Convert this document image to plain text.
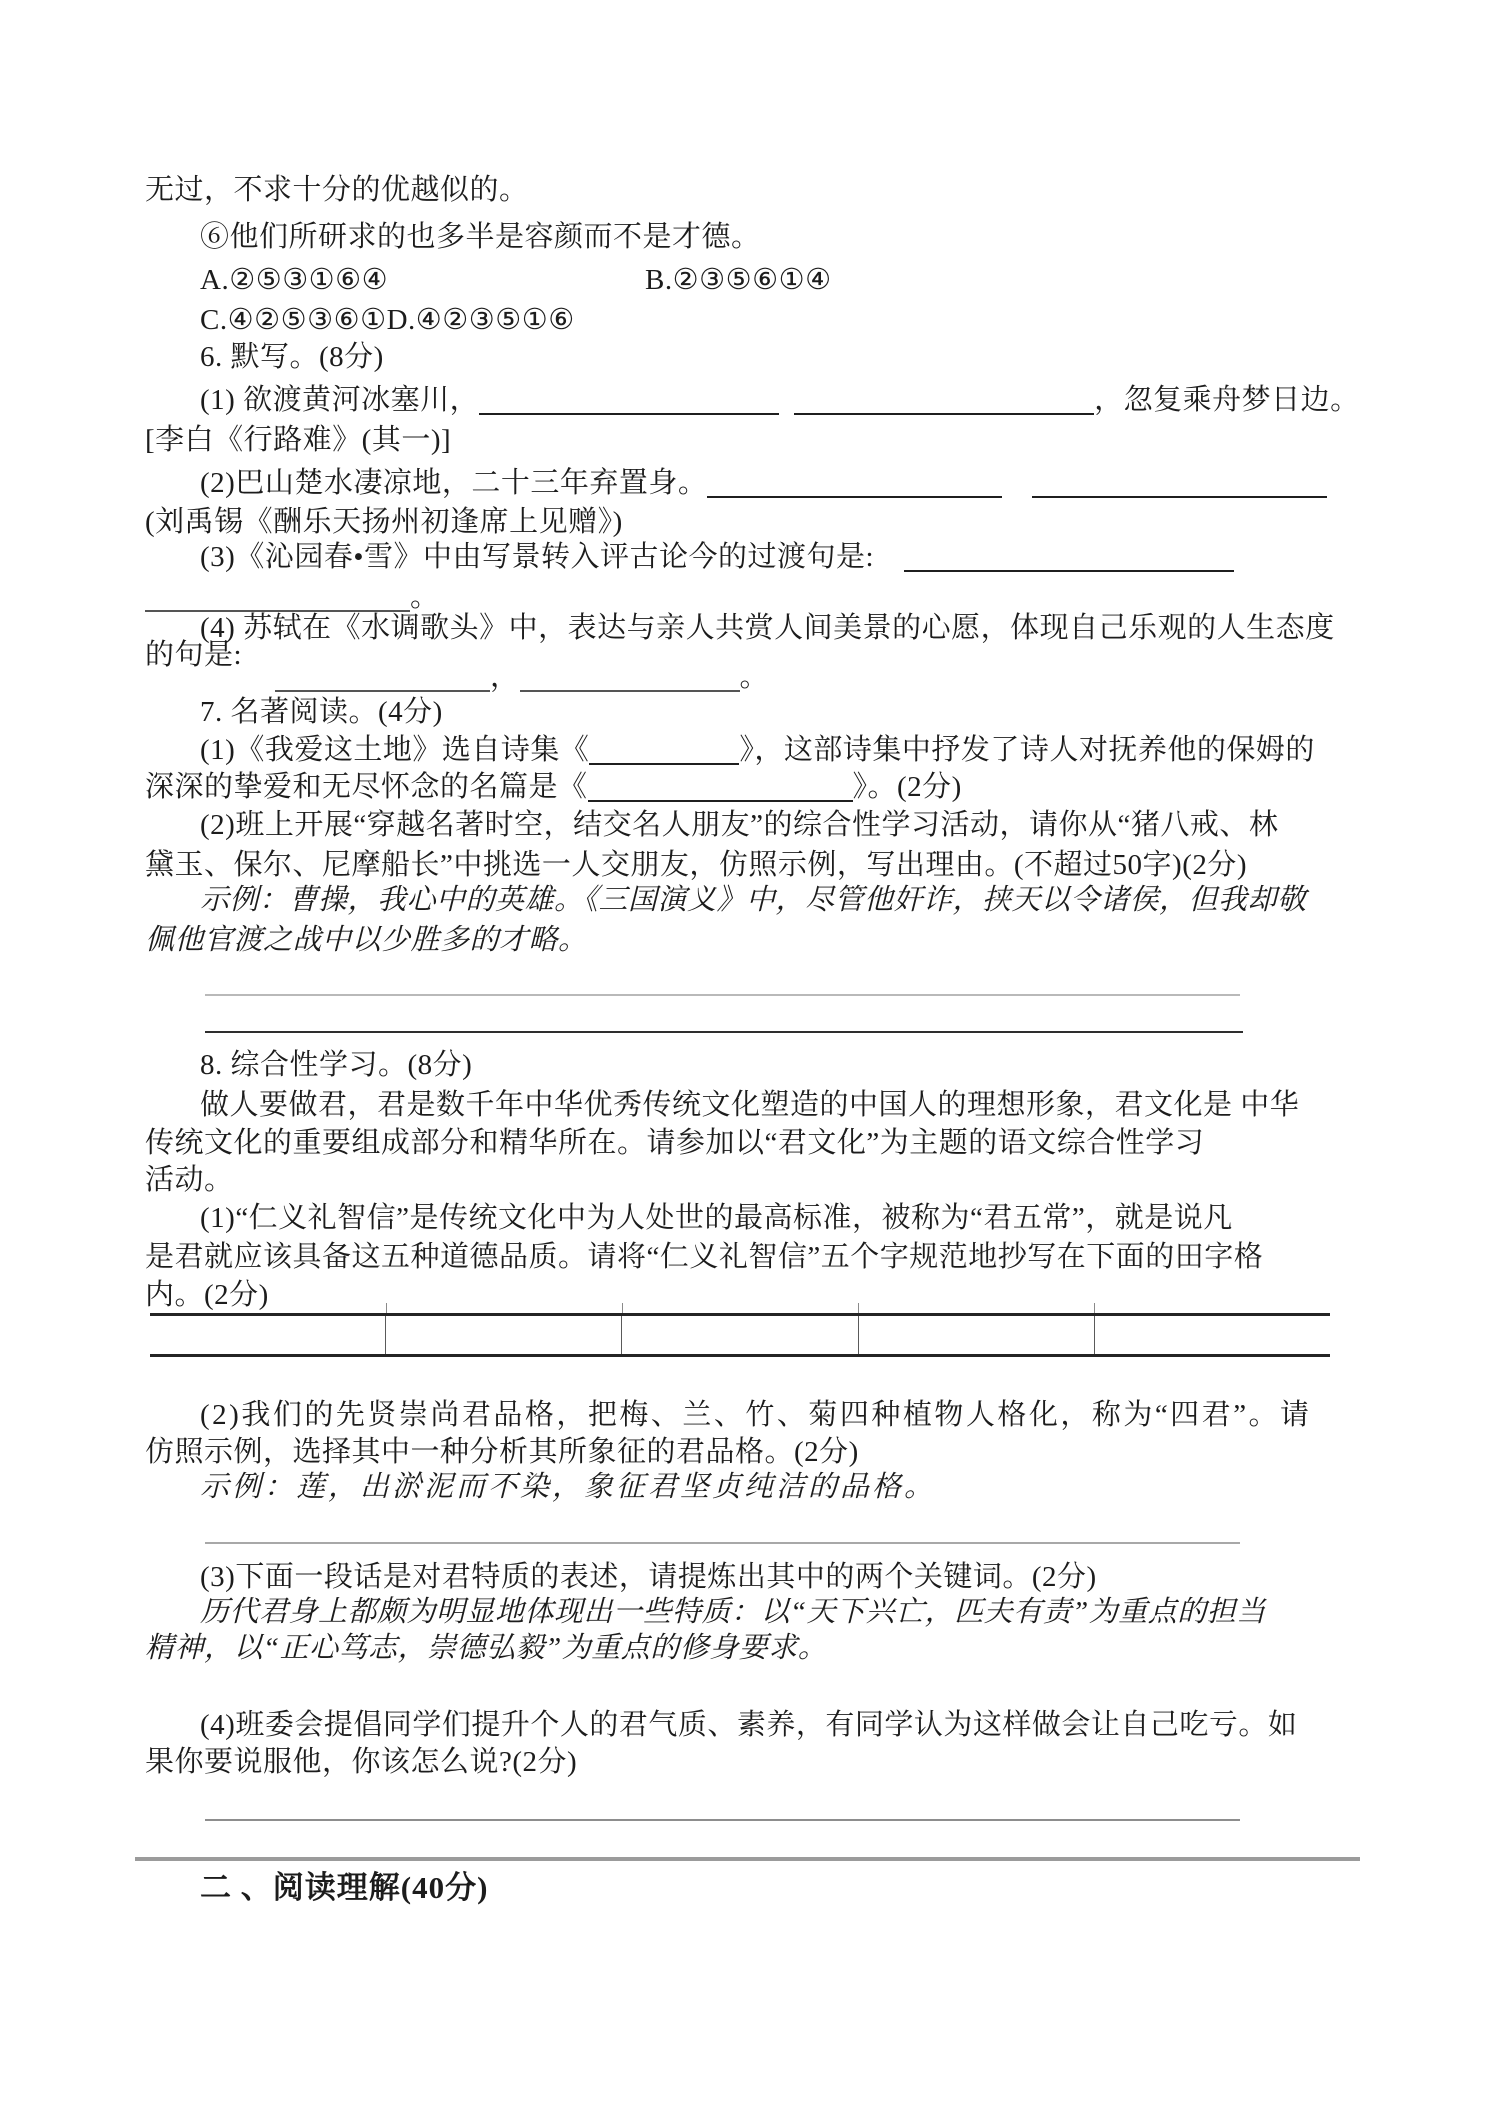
无过，不求十分的优越似的。
⑥他们所研求的也多半是容颜而不是才德。
A.②⑤③①⑥④	B.②③⑤⑥①④
C.④②⑤③⑥①D.④②③⑤①⑥
6. 默写。(8分)
(1) 欲渡黄河冰塞川，	，忽复乘舟梦日边。
[李白《行路难》(其一)]
(2)巴山楚水凄凉地，二十三年弃置身。
(刘禹锡《酬乐天扬州初逢席上见赠》)
(3)《沁园春•雪》中由写景转入评古论今的过渡句是:
。
(4) 苏轼在《水调歌头》中，表达与亲人共赏人间美景的心愿，体现自己乐观的人生态度
的句是:
，	。
7. 名著阅读。(4分)
(1)《我爱这土地》选自诗集《	》，这部诗集中抒发了诗人对抚养他的保姆的
深深的挚爱和无尽怀念的名篇是《	》。(2分)
(2)班上开展“穿越名著时空，结交名人朋友”的综合性学习活动，请你从“猪八戒、林
黛玉、保尔、尼摩船长”中挑选一人交朋友，仿照示例，写出理由。(不超过50字)(2分)
示例：曹操，我心中的英雄。《三国演义》中，尽管他奸诈，挟天以令诸侯，但我却敬
佩他官渡之战中以少胜多的才略。
8. 综合性学习。(8分)
做人要做君，君是数千年中华优秀传统文化塑造的中国人的理想形象，君文化是 中华
传统文化的重要组成部分和精华所在。请参加以“君文化”为主题的语文综合性学习
活动。
(1)“仁义礼智信”是传统文化中为人处世的最高标准，被称为“君五常”，就是说凡
是君就应该具备这五种道德品质。请将“仁义礼智信”五个字规范地抄写在下面的田字格
内。(2分)
(2)我们的先贤崇尚君品格，把梅、兰、竹、菊四种植物人格化，称为“四君”。请
仿照示例，选择其中一种分析其所象征的君品格。(2分)
示例：莲，出淤泥而不染，象征君坚贞纯洁的品格。
(3)下面一段话是对君特质的表述，请提炼出其中的两个关键词。(2分)
历代君身上都颇为明显地体现出一些特质：以“天下兴亡，匹夫有责”为重点的担当
精神，以“正心笃志，崇德弘毅”为重点的修身要求。
(4)班委会提倡同学们提升个人的君气质、素养，有同学认为这样做会让自己吃亏。如
果你要说服他，你该怎么说?(2分)
二 、阅读理解(40分)
